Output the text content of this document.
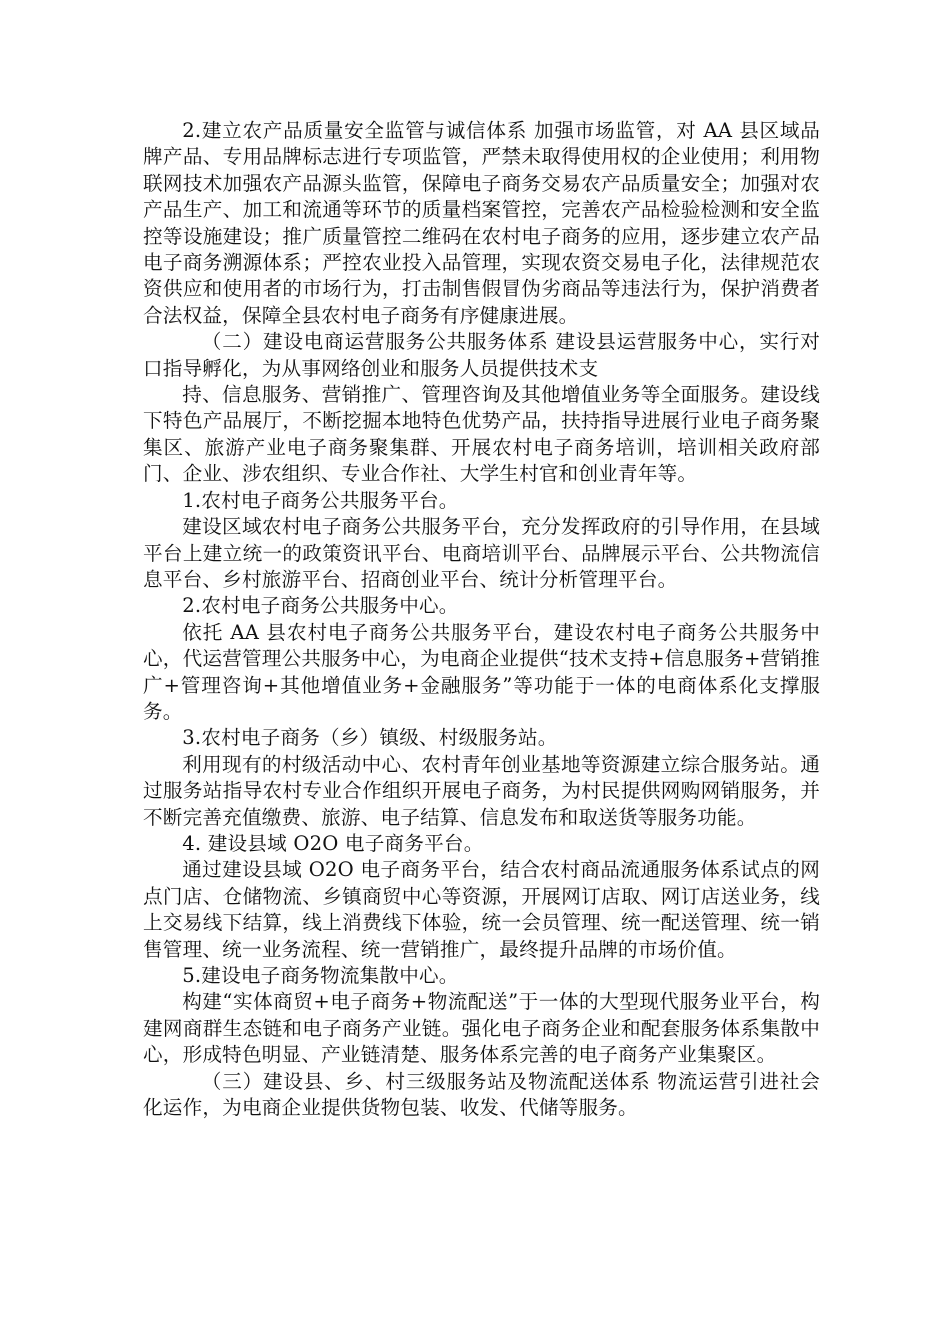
2.建立农产品质量安全监管与诚信体系 加强市场监管，对 AA 县区域品牌产品、专用品牌标志进行专项监管，严禁未取得使用权的企业使用；利用物联网技术加强农产品源头监管，保障电子商务交易农产品质量安全；加强对农产品生产、加工和流通等环节的质量档案管控，完善农产品检验检测和安全监控等设施建设；推广质量管控二维码在农村电子商务的应用，逐步建立农产品电子商务溯源体系；严控农业投入品管理，实现农资交易电子化，法律规范农资供应和使用者的市场行为，打击制售假冒伪劣商品等违法行为，保护消费者合法权益，保障全县农村电子商务有序健康进展。

（二）建设电商运营服务公共服务体系 建设县运营服务中心，实行对口指导孵化，为从事网络创业和服务人员提供技术支

持、信息服务、营销推广、管理咨询及其他增值业务等全面服务。建设线下特色产品展厅，不断挖掘本地特色优势产品，扶持指导进展行业电子商务聚集区、旅游产业电子商务聚集群、开展农村电子商务培训，培训相关政府部门、企业、涉农组织、专业合作社、大学生村官和创业青年等。

1.农村电子商务公共服务平台。

建设区域农村电子商务公共服务平台，充分发挥政府的引导作用，在县域平台上建立统一的政策资讯平台、电商培训平台、品牌展示平台、公共物流信息平台、乡村旅游平台、招商创业平台、统计分析管理平台。

2.农村电子商务公共服务中心。

依托 AA 县农村电子商务公共服务平台，建设农村电子商务公共服务中心，代运营管理公共服务中心，为电商企业提供“技术支持+信息服务+营销推广+管理咨询+其他增值业务+金融服务”等功能于一体的电商体系化支撑服务。

3.农村电子商务（乡）镇级、村级服务站。

利用现有的村级活动中心、农村青年创业基地等资源建立综合服务站。通过服务站指导农村专业合作组织开展电子商务，为村民提供网购网销服务，并不断完善充值缴费、旅游、电子结算、信息发布和取送货等服务功能。

4. 建设县域 O2O 电子商务平台。

通过建设县域 O2O 电子商务平台，结合农村商品流通服务体系试点的网点门店、仓储物流、乡镇商贸中心等资源，开展网订店取、网订店送业务，线上交易线下结算，线上消费线下体验，统一会员管理、统一配送管理、统一销售管理、统一业务流程、统一营销推广，最终提升品牌的市场价值。

5.建设电子商务物流集散中心。

构建“实体商贸+电子商务+物流配送”于一体的大型现代服务业平台，构建网商群生态链和电子商务产业链。强化电子商务企业和配套服务体系集散中心，形成特色明显、产业链清楚、服务体系完善的电子商务产业集聚区。

（三）建设县、乡、村三级服务站及物流配送体系 物流运营引进社会化运作，为电商企业提供货物包装、收发、代储等服务。
